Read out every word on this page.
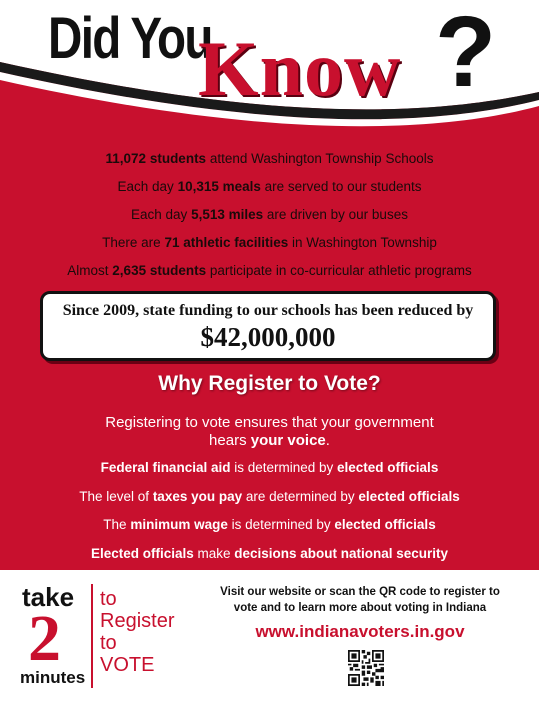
Did You
Know ?
11,072 students attend Washington Township Schools
Each day 10,315 meals are served to our students
Each day 5,513 miles are driven by our buses
There are 71 athletic facilities in Washington Township
Almost 2,635 students participate in co-curricular athletic programs
Since 2009, state funding to our schools has been reduced by
$42,000,000
Why Register to Vote?
Registering to vote ensures that your government
hears your voice.
Federal financial aid is determined by elected officials
The level of taxes you pay are determined by elected officials
The minimum wage is determined by elected officials
Elected officials make decisions about national security
take
2
minutes
to
Register
to
VOTE
Visit our website or scan the QR code to register to
vote and to learn more about voting in Indiana
www.indianavoters.in.gov
